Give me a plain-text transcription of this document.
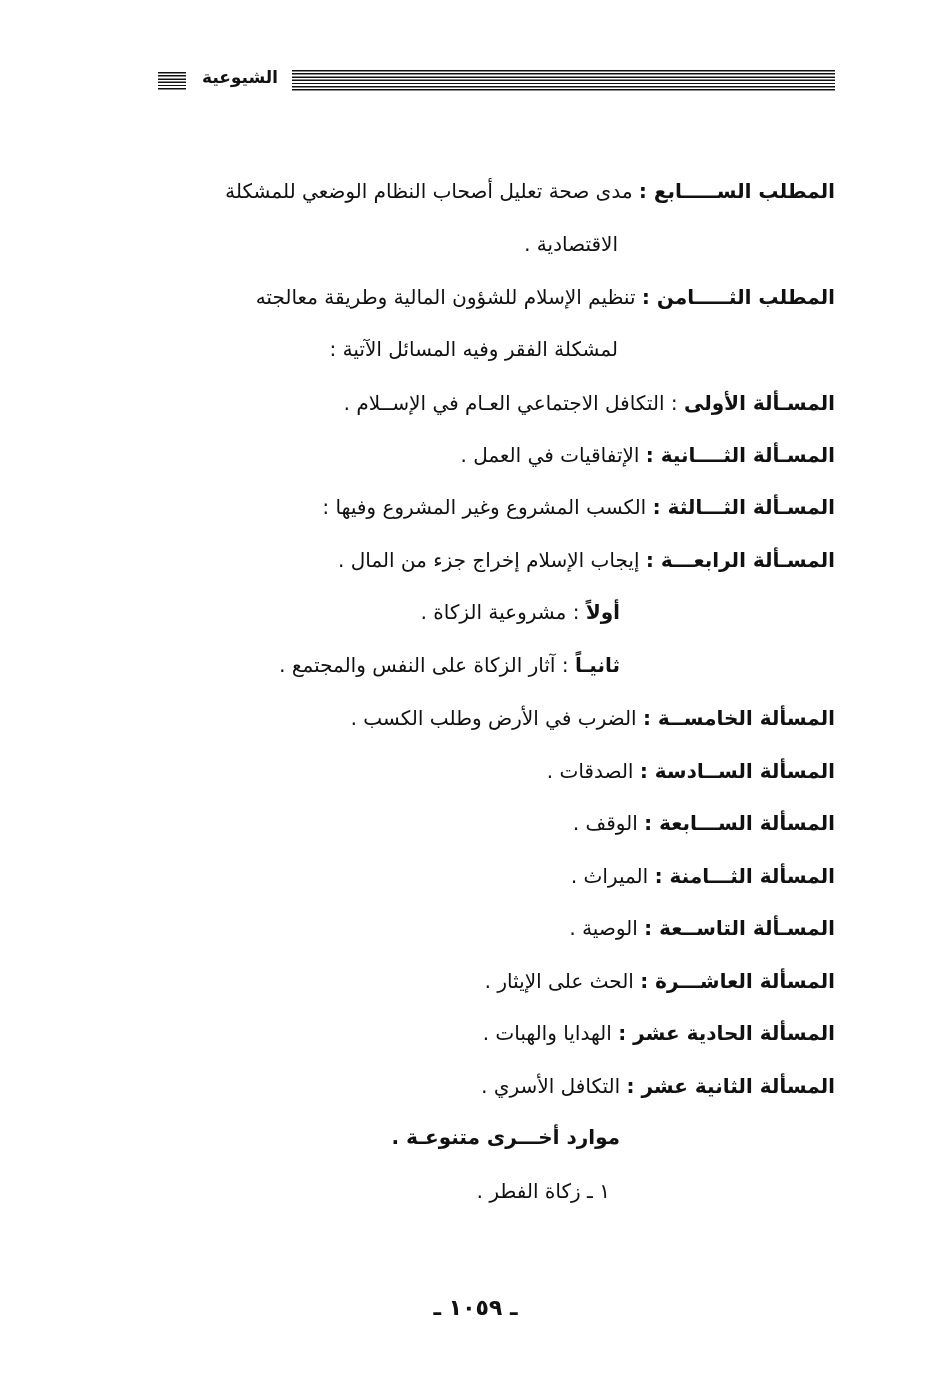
الشيوعية
المطلب الســـــابع : مدى صحة تعليل أصحاب النظام الوضعي للمشكلة
الاقتصادية .
المطلب الثـــــامن : تنظيم الإسلام للشؤون المالية وطريقة معالجته
لمشكلة الفقر وفيه المسائل الآتية :
المسـألة الأولى : التكافل الاجتماعي العـام في الإســلام .
المسـألة الثــــانية : الإتفاقيات في العمل .
المسـألة الثـــالثة : الكسب المشروع وغير المشروع وفيها :
المسـألة الرابعـــة : إيجاب الإسلام إخراج جزء من المال .
أولاً : مشروعية الزكاة .
ثانيـاً : آثار الزكاة على النفس والمجتمع .
المسألة الخامســة : الضرب في الأرض وطلب الكسب .
المسألة الســادسة : الصدقات .
المسألة الســـابعة : الوقف .
المسألة الثـــامنة : الميراث .
المسـألة التاســعة : الوصية .
المسألة العاشـــرة : الحث على الإيثار .
المسألة الحادية عشر : الهدايا والهبات .
المسألة الثانية عشر : التكافل الأسري .
موارد أخـــرى متنوعـة .
١ ـ زكاة الفطر .
ـ ١٠٥٩ ـ
